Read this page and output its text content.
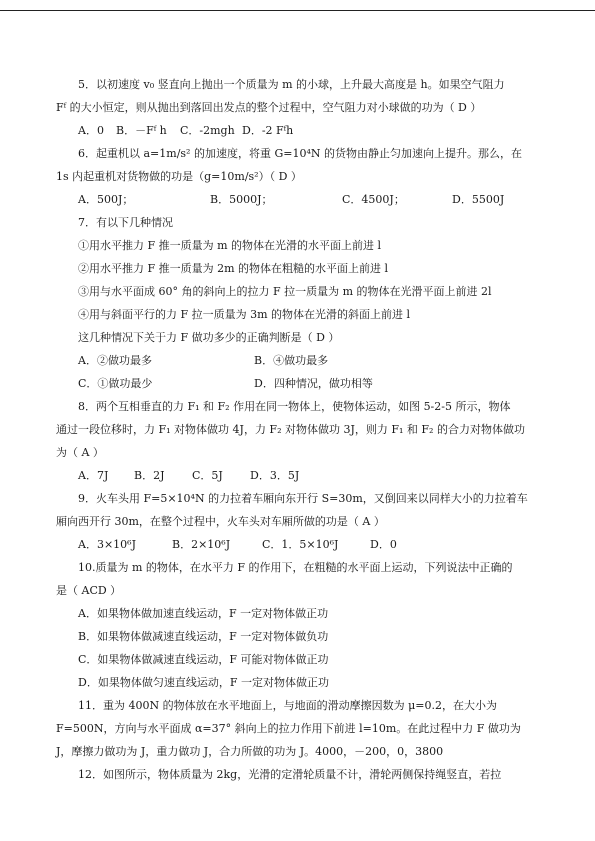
5．以初速度 v₀ 竖直向上抛出一个质量为 m 的小球，上升最大高度是 h。如果空气阻力
Fᶠ 的大小恒定，则从抛出到落回出发点的整个过程中，空气阻力对小球做的功为（ D ）
A．0 B．－Fᶠ h C．-2mgh D．-2 Fᶠh
6．起重机以 a=1m/s² 的加速度，将重 G=10⁴N 的货物由静止匀加速向上提升。那么，在
1s 内起重机对货物做的功是（g=10m/s²）（ D ）
A．500J；	B．5000J；	C．4500J；	D．5500J
7．有以下几种情况
①用水平推力 F 推一质量为 m 的物体在光滑的水平面上前进 l
②用水平推力 F 推一质量为 2m 的物体在粗糙的水平面上前进 l
③用与水平面成 60° 角的斜向上的拉力 F 拉一质量为 m 的物体在光滑平面上前进 2l
④用与斜面平行的力 F 拉一质量为 3m 的物体在光滑的斜面上前进 l
这几种情况下关于力 F 做功多少的正确判断是（ D ）
A．②做功最多	B．④做功最多
C．①做功最少	D．四种情况，做功相等
8．两个互相垂直的力 F₁ 和 F₂ 作用在同一物体上，使物体运动，如图 5-2-5 所示，物体
通过一段位移时，力 F₁ 对物体做功 4J，力 F₂ 对物体做功 3J，则力 F₁ 和 F₂ 的合力对物体做功
为（ A ）
A．7J B．2J	C．5J D．3．5J
9．火车头用 F=5×10⁴N 的力拉着车厢向东开行 S=30m，又倒回来以同样大小的力拉着车
厢向西开行 30m，在整个过程中，火车头对车厢所做的功是（ A ）
A．3×10⁶J	B．2×10⁶J	C．1．5×10⁶J	D．0
10.质量为 m 的物体，在水平力 F 的作用下，在粗糙的水平面上运动，下列说法中正确的
是（ ACD ）
A．如果物体做加速直线运动，F 一定对物体做正功
B．如果物体做减速直线运动，F 一定对物体做负功
C．如果物体做减速直线运动，F 可能对物体做正功
D．如果物体做匀速直线运动，F 一定对物体做正功
11．重为 400N 的物体放在水平地面上，与地面的滑动摩擦因数为 μ=0.2，在大小为
F=500N，方向与水平面成 α=37° 斜向上的拉力作用下前进 l=10m。在此过程中力 F 做功为
J，摩擦力做功为 J，重力做功 J，合力所做的功为 J。4000，－200，0，3800
12．如图所示，物体质量为 2kg，光滑的定滑轮质量不计，滑轮两侧保持绳竖直，若拉
